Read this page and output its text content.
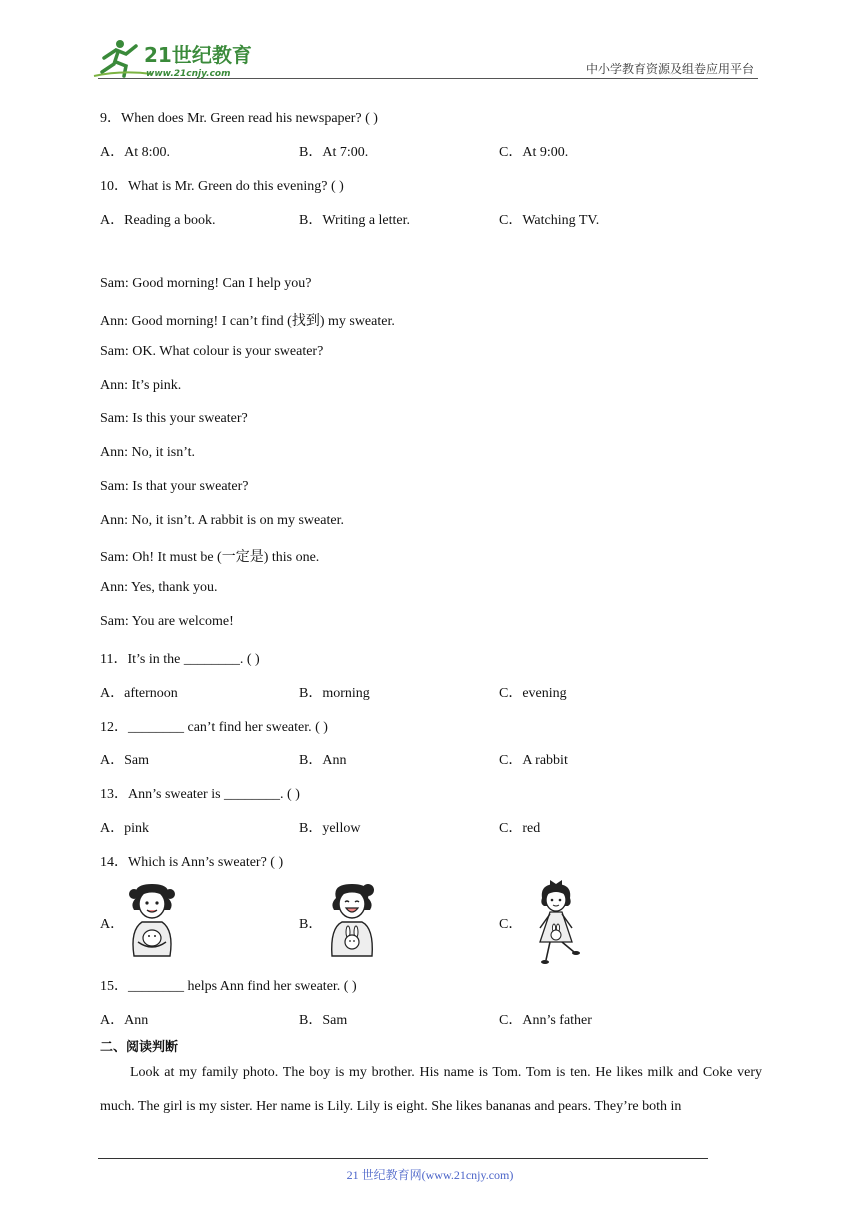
21世纪教育
www.21cnjy.com	中小学教育资源及组卷应用平台
9．When does Mr. Green read his newspaper? ( )
A．At 8:00.	B．At 7:00.	C．At 9:00.
10．What is Mr. Green do this evening? ( )
A．Reading a book.	B．Writing a letter.	C．Watching TV.
Sam: Good morning! Can I help you?
Ann: Good morning! I can’t find (找到) my sweater.
Sam: OK. What colour is your sweater?
Ann: It’s pink.
Sam: Is this your sweater?
Ann: No, it isn’t.
Sam: Is that your sweater?
Ann: No, it isn’t. A rabbit is on my sweater.
Sam: Oh! It must be (一定是) this one.
Ann: Yes, thank you.
Sam: You are welcome!
11．It’s in the ________. ( )
A．afternoon	B．morning	C．evening
12．________ can’t find her sweater. ( )
A．Sam	B．Ann	C．A rabbit
13．Ann’s sweater is ________. ( )
A．pink	B．yellow	C．red
14．Which is Ann’s sweater? ( )
A．	B．	C．
15．________ helps Ann find her sweater. ( )
A．Ann	B．Sam	C．Ann’s father
二、阅读判断
Look at my family photo. The boy is my brother. His name is Tom. Tom is ten. He likes milk and Coke very much. The girl is my sister. Her name is Lily. Lily is eight. She likes bananas and pears. They’re both in
21 世纪教育网(www.21cnjy.com)
